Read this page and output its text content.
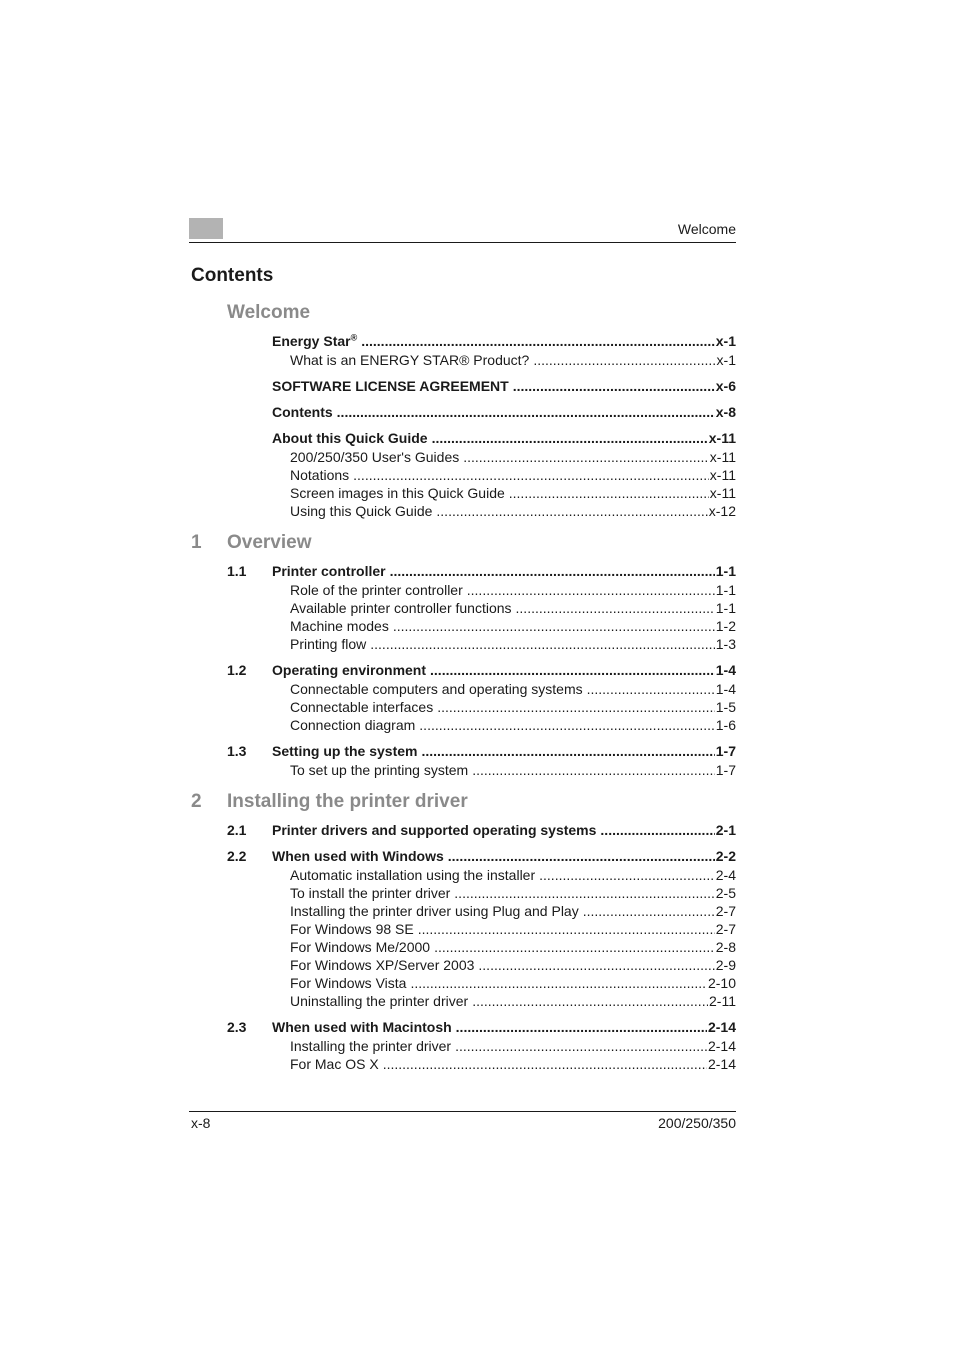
Welcome
Contents
Welcome
Energy Star® .....	x-1
What is an ENERGY STAR® Product? .....	x-1
SOFTWARE LICENSE AGREEMENT .....	x-6
Contents .....	x-8
About this Quick Guide .....	x-11
200/250/350 User's Guides .....	x-11
Notations .....	x-11
Screen images in this Quick Guide .....	x-11
Using this Quick Guide .....	x-12
1	Overview
1.1	Printer controller .....	1-1
Role of the printer controller .....	1-1
Available printer controller functions .....	1-1
Machine modes .....	1-2
Printing flow .....	1-3
1.2	Operating environment .....	1-4
Connectable computers and operating systems .....	1-4
Connectable interfaces .....	1-5
Connection diagram .....	1-6
1.3	Setting up the system .....	1-7
To set up the printing system .....	1-7
2	Installing the printer driver
2.1	Printer drivers and supported operating systems .....	2-1
2.2	When used with Windows .....	2-2
Automatic installation using the installer .....	2-4
To install the printer driver .....	2-5
Installing the printer driver using Plug and Play .....	2-7
For Windows 98 SE .....	2-7
For Windows Me/2000 .....	2-8
For Windows XP/Server 2003 .....	2-9
For Windows Vista .....	2-10
Uninstalling the printer driver .....	2-11
2.3	When used with Macintosh .....	2-14
Installing the printer driver .....	2-14
For Mac OS X .....	2-14
x-8	200/250/350
